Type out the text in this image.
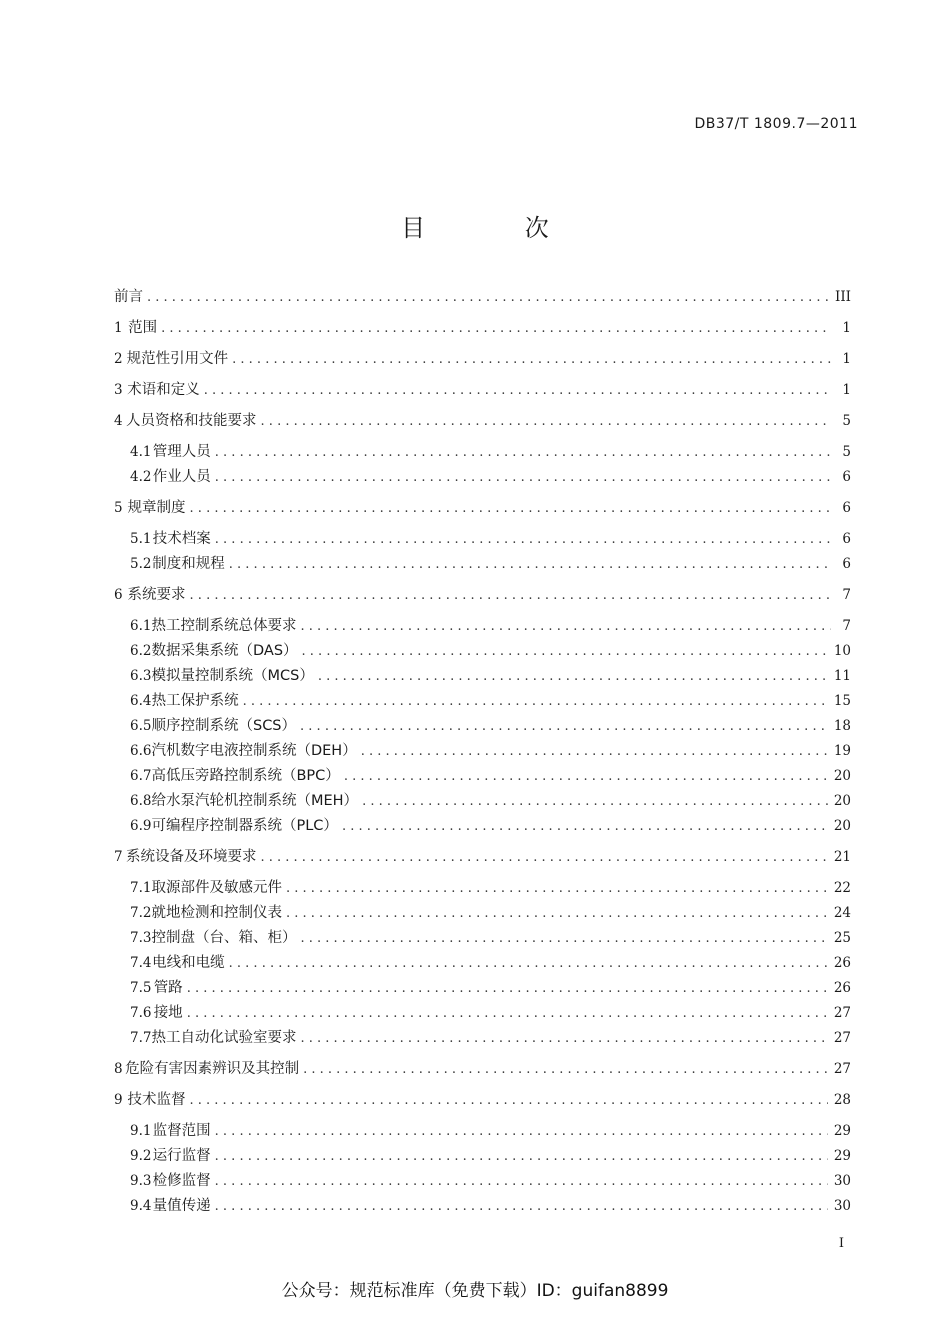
DB37/T 1809.7—2011
目 次
前言 . . .	III
1 范围 . . .	1
2 规范性引用文件 . . .	1
3 术语和定义 . . .	1
4 人员资格和技能要求 . . .	5
4.1 管理人员 . . .	5
4.2 作业人员 . . .	6
5 规章制度 . . .	6
5.1 技术档案 . . .	6
5.2 制度和规程 . . .	6
6 系统要求 . . .	7
6.1 热工控制系统总体要求 . . .	7
6.2 数据采集系统（DAS） . . .	10
6.3 模拟量控制系统（MCS） . . .	11
6.4 热工保护系统 . . .	15
6.5 顺序控制系统（SCS） . . .	18
6.6 汽机数字电液控制系统（DEH） . . .	19
6.7 高低压旁路控制系统（BPC） . . .	20
6.8 给水泵汽轮机控制系统（MEH） . . .	20
6.9 可编程序控制器系统（PLC） . . .	20
7 系统设备及环境要求 . . .	21
7.1 取源部件及敏感元件 . . .	22
7.2 就地检测和控制仪表 . . .	24
7.3 控制盘（台、箱、柜） . . .	25
7.4 电线和电缆 . . .	26
7.5 管路 . . .	26
7.6 接地 . . .	27
7.7 热工自动化试验室要求 . . .	27
8 危险有害因素辨识及其控制 . . .	27
9 技术监督 . . .	28
9.1 监督范围 . . .	29
9.2 运行监督 . . .	29
9.3 检修监督 . . .	30
9.4 量值传递 . . .	30
I
公众号：规范标准库（免费下载）ID：guifan8899
